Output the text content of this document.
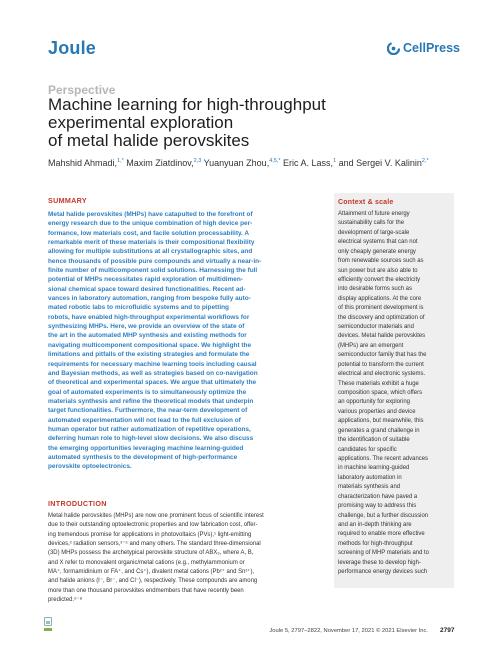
Joule	CellPress
Perspective
Machine learning for high-throughput
experimental exploration
of metal halide perovskites
Mahshid Ahmadi,$^{1,*}$ Maxim Ziatdinov,$^{2,3}$ Yuanyuan Zhou,$^{4,5,*}$ Eric A. Lass,$^1$ and Sergei V. Kalinin$^{2,*}$
SUMMARY
Metal halide perovskites (MHPs) have catapulted to the forefront of
energy research due to the unique combination of high device per-
formance, low materials cost, and facile solution processability. A
remarkable merit of these materials is their compositional flexibility
allowing for multiple substitutions at all crystallographic sites, and
hence thousands of possible pure compounds and virtually a near-in-
finite number of multicomponent solid solutions. Harnessing the full
potential of MHPs necessitates rapid exploration of multidimen-
sional chemical space toward desired functionalities. Recent ad-
vances in laboratory automation, ranging from bespoke fully auto-
mated robotic labs to microfluidic systems and to pipetting
robots, have enabled high-throughput experimental workflows for
synthesizing MHPs. Here, we provide an overview of the state of
the art in the automated MHP synthesis and existing methods for
navigating multicomponent compositional space. We highlight the
limitations and pitfalls of the existing strategies and formulate the
requirements for necessary machine learning tools including causal
and Bayesian methods, as well as strategies based on co-navigation
of theoretical and experimental spaces. We argue that ultimately the
goal of automated experiments is to simultaneously optimize the
materials synthesis and refine the theoretical models that underpin
target functionalities. Furthermore, the near-term development of
automated experimentation will not lead to the full exclusion of
human operator but rather automatization of repetitive operations,
deferring human role to high-level slow decisions. We also discuss
the emerging opportunities leveraging machine learning-guided
automated synthesis to the development of high-performance
perovskite optoelectronics.
INTRODUCTION
Metal halide perovskites (MHPs) are now one prominent focus of scientific interest
due to their outstanding optoelectronic properties and low fabrication cost, offer-
ing tremendous promise for applications in photovoltaics (PVs),¹ light-emitting
devices,² radiation sensors,³⁻⁵ and many others. The standard three-dimensional
(3D) MHPs possess the archetypical perovskite structure of ABX₃, where A, B,
and X refer to monovalent organic/metal cations (e.g., methylammonium or
MA⁺, formamidinium or FA⁺, and Cs⁺), divalent metal cations (Pb²⁺ and Sn²⁺),
and halide anions (I⁻, Br⁻, and Cl⁻), respectively. These compounds are among
more than one thousand perovskites endmembers that have recently been
predicted.⁶⁻⁸
Context & scale
Attainment of future energy
sustainability calls for the
development of large-scale
electrical systems that can not
only cheaply generate energy
from renewable sources such as
sun power but are also able to
efficiently convert the electricity
into desirable forms such as
display applications. At the core
of this prominent development is
the discovery and optimization of
semiconductor materials and
devices. Metal halide perovskites
(MHPs) are an emergent
semiconductor family that has the
potential to transform the current
electrical and electronic systems.
These materials exhibit a huge
composition space, which offers
an opportunity for exploring
various properties and device
applications, but meanwhile, this
generates a grand challenge in
the identification of suitable
candidates for specific
applications. The recent advances
in machine learning-guided
laboratory automation in
materials synthesis and
characterization have paved a
promising way to address this
challenge, but a further discussion
and an in-depth thinking are
required to enable more effective
methods for high-throughput
screening of MHP materials and to
leverage these to develop high-
performance energy devices such
Joule 5, 2797–2822, November 17, 2021 © 2021 Elsevier Inc. 2797
